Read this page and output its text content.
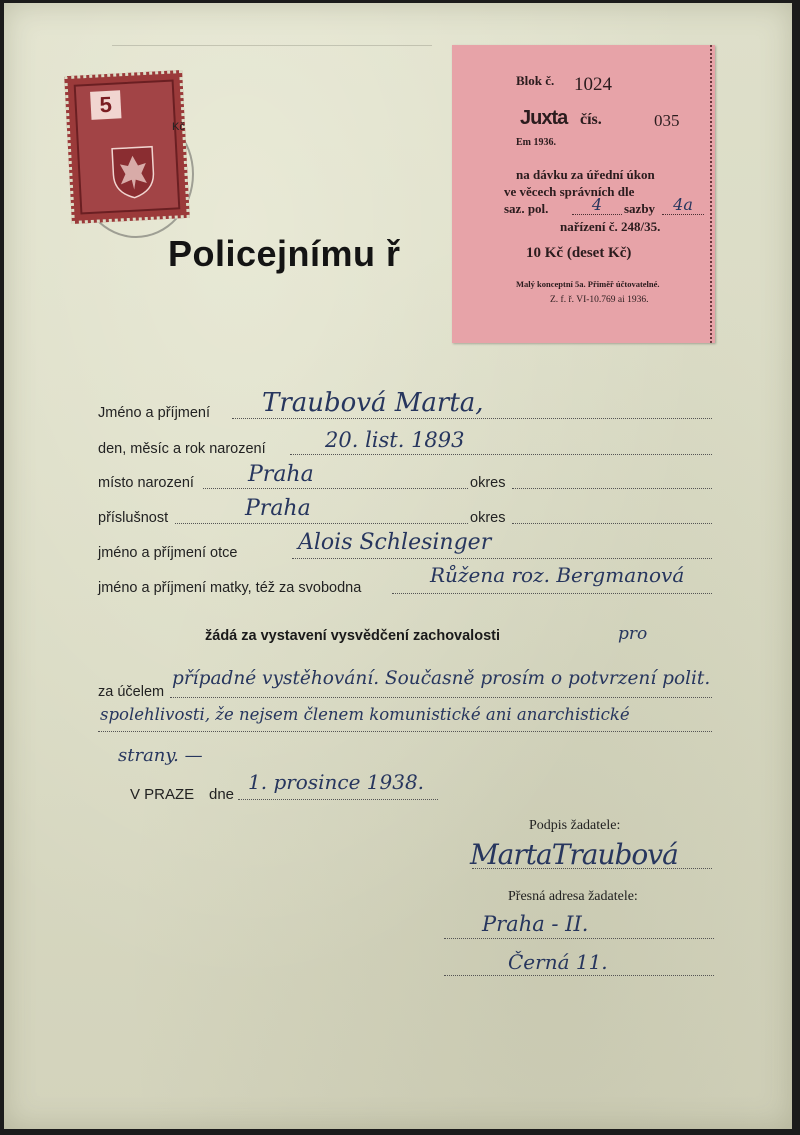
5
Kč
Policejnímu ř
Blok č. 1024
Juxta čís.	035
Em 1936.
na dávku za úřední úkon
ve věcech správních dle
saz. pol.	4	sazby	4a
nařízení č. 248/35.
10 Kč (deset Kč)
Malý konceptní 5a. Přiměř účtovatelné.
Z. f. ř. VI-10.769 ai 1936.
Jméno a příjmení Traubová Marta,
den, měsíc a rok narození	20. list. 1893
místo narození Praha	okres
příslušnost	Praha	okres
jméno a příjmení otce	Alois Schlesinger
jméno a příjmení matky, též za svobodna
Růžena roz. Bergmanová
žádá za vystavení vysvědčení zachovalosti	pro
za účelem
případné vystěhování. Současně prosím o potvrzení polit.
spolehlivosti, že nejsem členem komunistické ani anarchistické
strany. —
V PRAZE dne
1. prosince 1938.
Podpis žadatele:
MartaTraubová
Přesná adresa žadatele:
Praha - II.
Černá 11.
